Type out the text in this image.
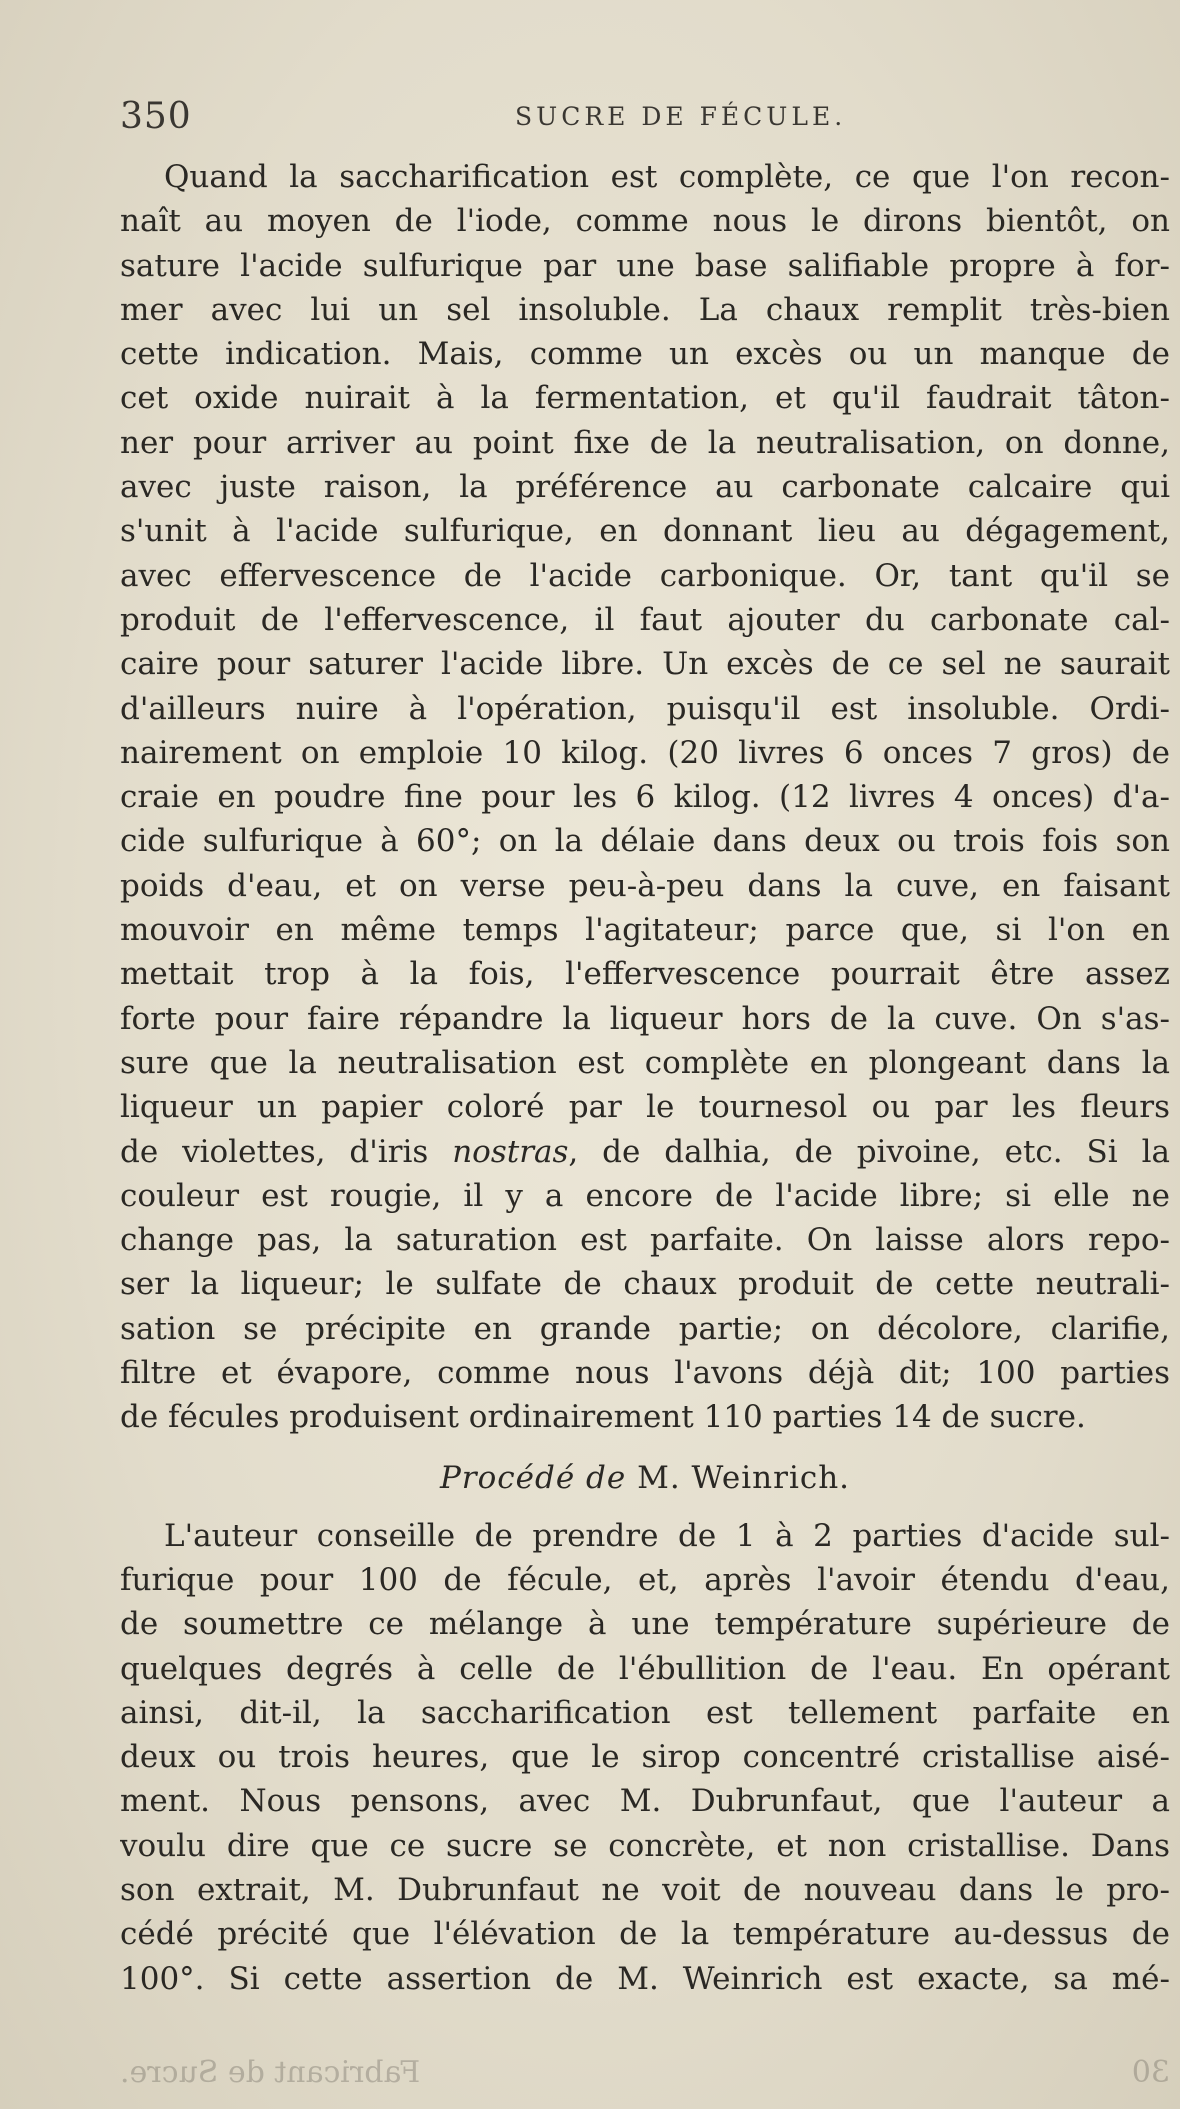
350	SUCRE DE FÉCULE.
Quand la saccharification est complète, ce que l'on recon-
naît au moyen de l'iode, comme nous le dirons bientôt, on
sature l'acide sulfurique par une base salifiable propre à for-
mer avec lui un sel insoluble. La chaux remplit très-bien
cette indication. Mais, comme un excès ou un manque de
cet oxide nuirait à la fermentation, et qu'il faudrait tâton-
ner pour arriver au point fixe de la neutralisation, on donne,
avec juste raison, la préférence au carbonate calcaire qui
s'unit à l'acide sulfurique, en donnant lieu au dégagement,
avec effervescence de l'acide carbonique. Or, tant qu'il se
produit de l'effervescence, il faut ajouter du carbonate cal-
caire pour saturer l'acide libre. Un excès de ce sel ne saurait
d'ailleurs nuire à l'opération, puisqu'il est insoluble. Ordi-
nairement on emploie 10 kilog. (20 livres 6 onces 7 gros) de
craie en poudre fine pour les 6 kilog. (12 livres 4 onces) d'a-
cide sulfurique à 60°; on la délaie dans deux ou trois fois son
poids d'eau, et on verse peu-à-peu dans la cuve, en faisant
mouvoir en même temps l'agitateur; parce que, si l'on en
mettait trop à la fois, l'effervescence pourrait être assez
forte pour faire répandre la liqueur hors de la cuve. On s'as-
sure que la neutralisation est complète en plongeant dans la
liqueur un papier coloré par le tournesol ou par les fleurs
de violettes, d'iris nostras, de dalhia, de pivoine, etc. Si la
couleur est rougie, il y a encore de l'acide libre; si elle ne
change pas, la saturation est parfaite. On laisse alors repo-
ser la liqueur; le sulfate de chaux produit de cette neutrali-
sation se précipite en grande partie; on décolore, clarifie,
filtre et évapore, comme nous l'avons déjà dit; 100 parties
de fécules produisent ordinairement 110 parties 14 de sucre.
Procédé de M. Weinrich.
L'auteur conseille de prendre de 1 à 2 parties d'acide sul-
furique pour 100 de fécule, et, après l'avoir étendu d'eau,
de soumettre ce mélange à une température supérieure de
quelques degrés à celle de l'ébullition de l'eau. En opérant
ainsi, dit-il, la saccharification est tellement parfaite en
deux ou trois heures, que le sirop concentré cristallise aisé-
ment. Nous pensons, avec M. Dubrunfaut, que l'auteur a
voulu dire que ce sucre se concrète, et non cristallise. Dans
son extrait, M. Dubrunfaut ne voit de nouveau dans le pro-
cédé précité que l'élévation de la température au-dessus de
100°. Si cette assertion de M. Weinrich est exacte, sa mé-
30
Fabricant de Sucre.
